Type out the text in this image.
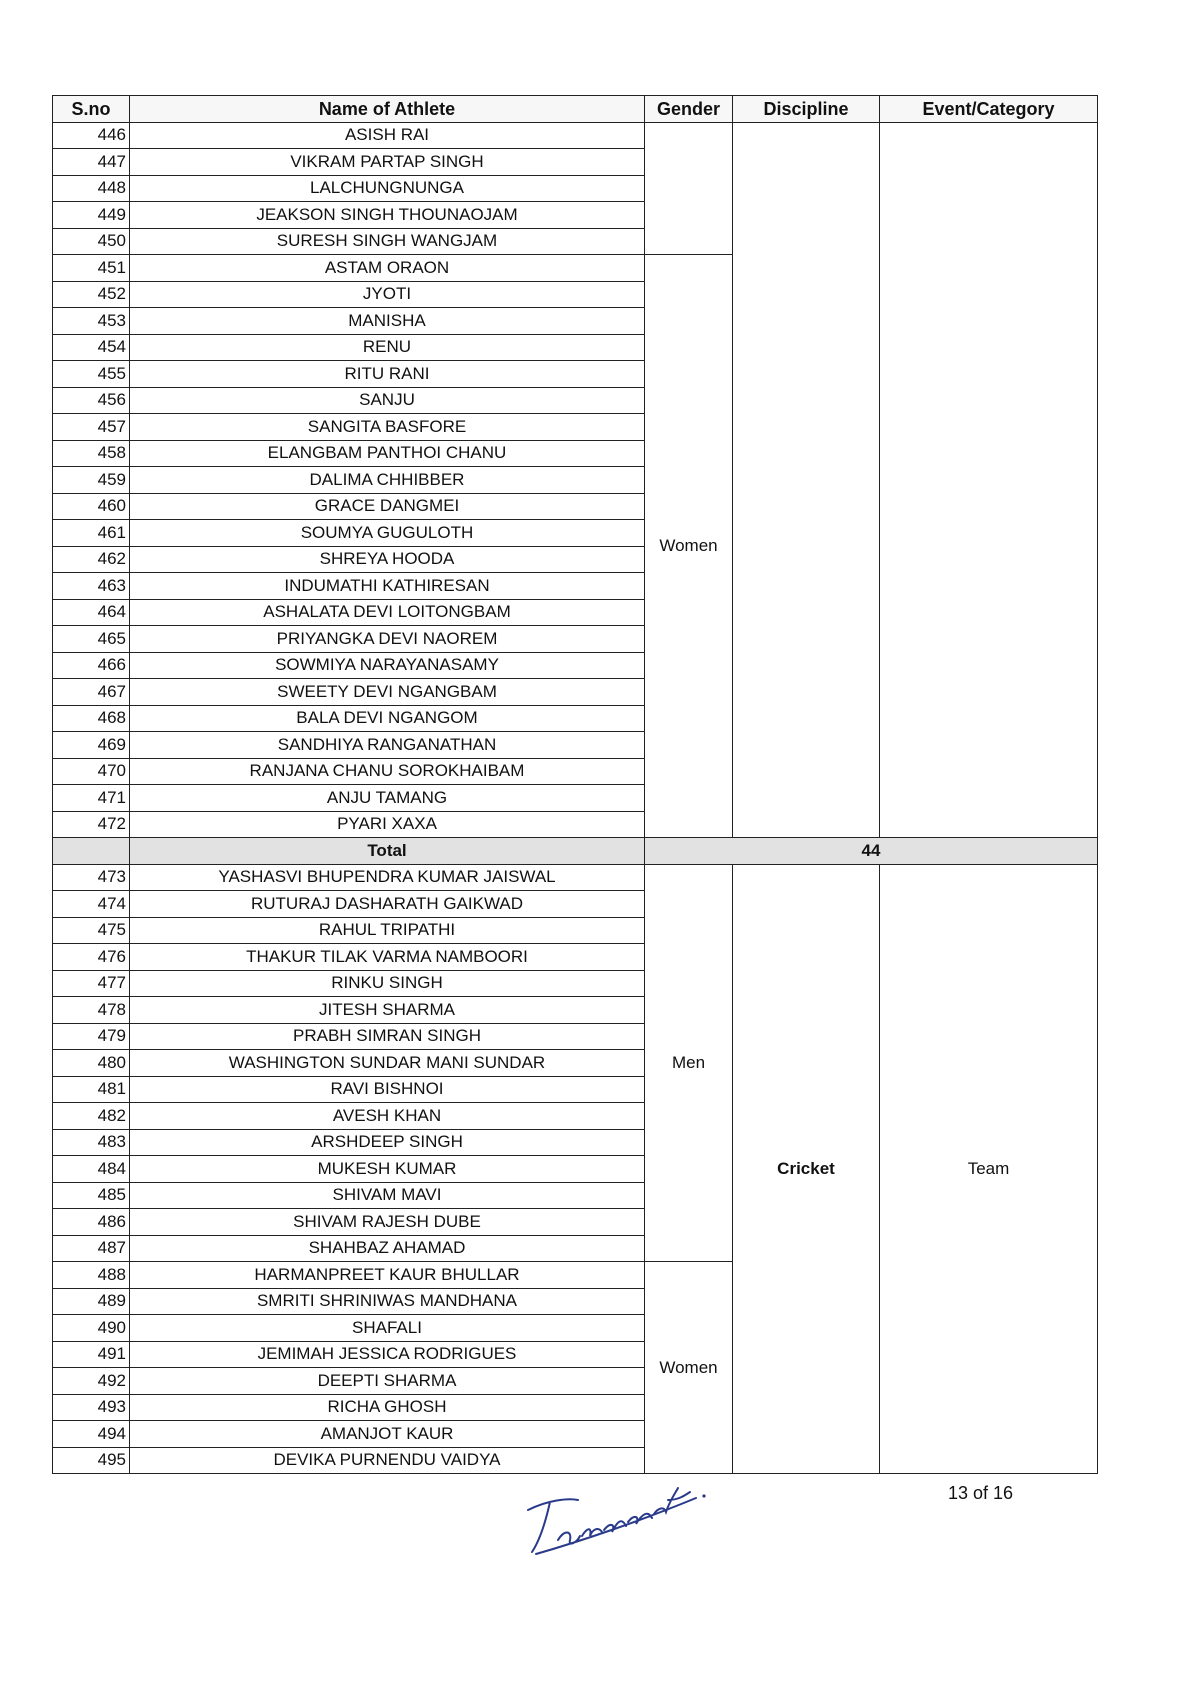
S.no	Name of Athlete	Gender	Discipline	Event/Category
446	ASISH RAI			
447	VIKRAM PARTAP SINGH			
448	LALCHUNGNUNGA			
449	JEAKSON SINGH THOUNAOJAM			
450	SURESH SINGH WANGJAM			
451	ASTAM ORAON	Women		
452	JYOTI			
453	MANISHA			
454	RENU			
455	RITU RANI			
456	SANJU			
457	SANGITA BASFORE			
458	ELANGBAM PANTHOI CHANU			
459	DALIMA CHHIBBER			
460	GRACE DANGMEI			
461	SOUMYA GUGULOTH			
462	SHREYA HOODA			
463	INDUMATHI KATHIRESAN			
464	ASHALATA DEVI LOITONGBAM			
465	PRIYANGKA DEVI NAOREM			
466	SOWMIYA NARAYANASAMY			
467	SWEETY DEVI NGANGBAM			
468	BALA DEVI NGANGOM			
469	SANDHIYA RANGANATHAN			
470	RANJANA CHANU SOROKHAIBAM			
471	ANJU TAMANG			
472	PYARI XAXA			
	Total	44		
473	YASHASVI BHUPENDRA KUMAR JAISWAL	Men	Cricket	Team
474	RUTURAJ DASHARATH GAIKWAD			
475	RAHUL TRIPATHI			
476	THAKUR TILAK VARMA NAMBOORI			
477	RINKU SINGH			
478	JITESH SHARMA			
479	PRABH SIMRAN SINGH			
480	WASHINGTON SUNDAR MANI SUNDAR			
481	RAVI BISHNOI			
482	AVESH KHAN			
483	ARSHDEEP SINGH			
484	MUKESH KUMAR			
485	SHIVAM MAVI			
486	SHIVAM RAJESH DUBE			
487	SHAHBAZ AHAMAD			
488	HARMANPREET KAUR BHULLAR	Women		
489	SMRITI SHRINIWAS MANDHANA			
490	SHAFALI			
491	JEMIMAH JESSICA RODRIGUES			
492	DEEPTI SHARMA			
493	RICHA GHOSH			
494	AMANJOT KAUR			
495	DEVIKA PURNENDU VAIDYA			
13 of 16
